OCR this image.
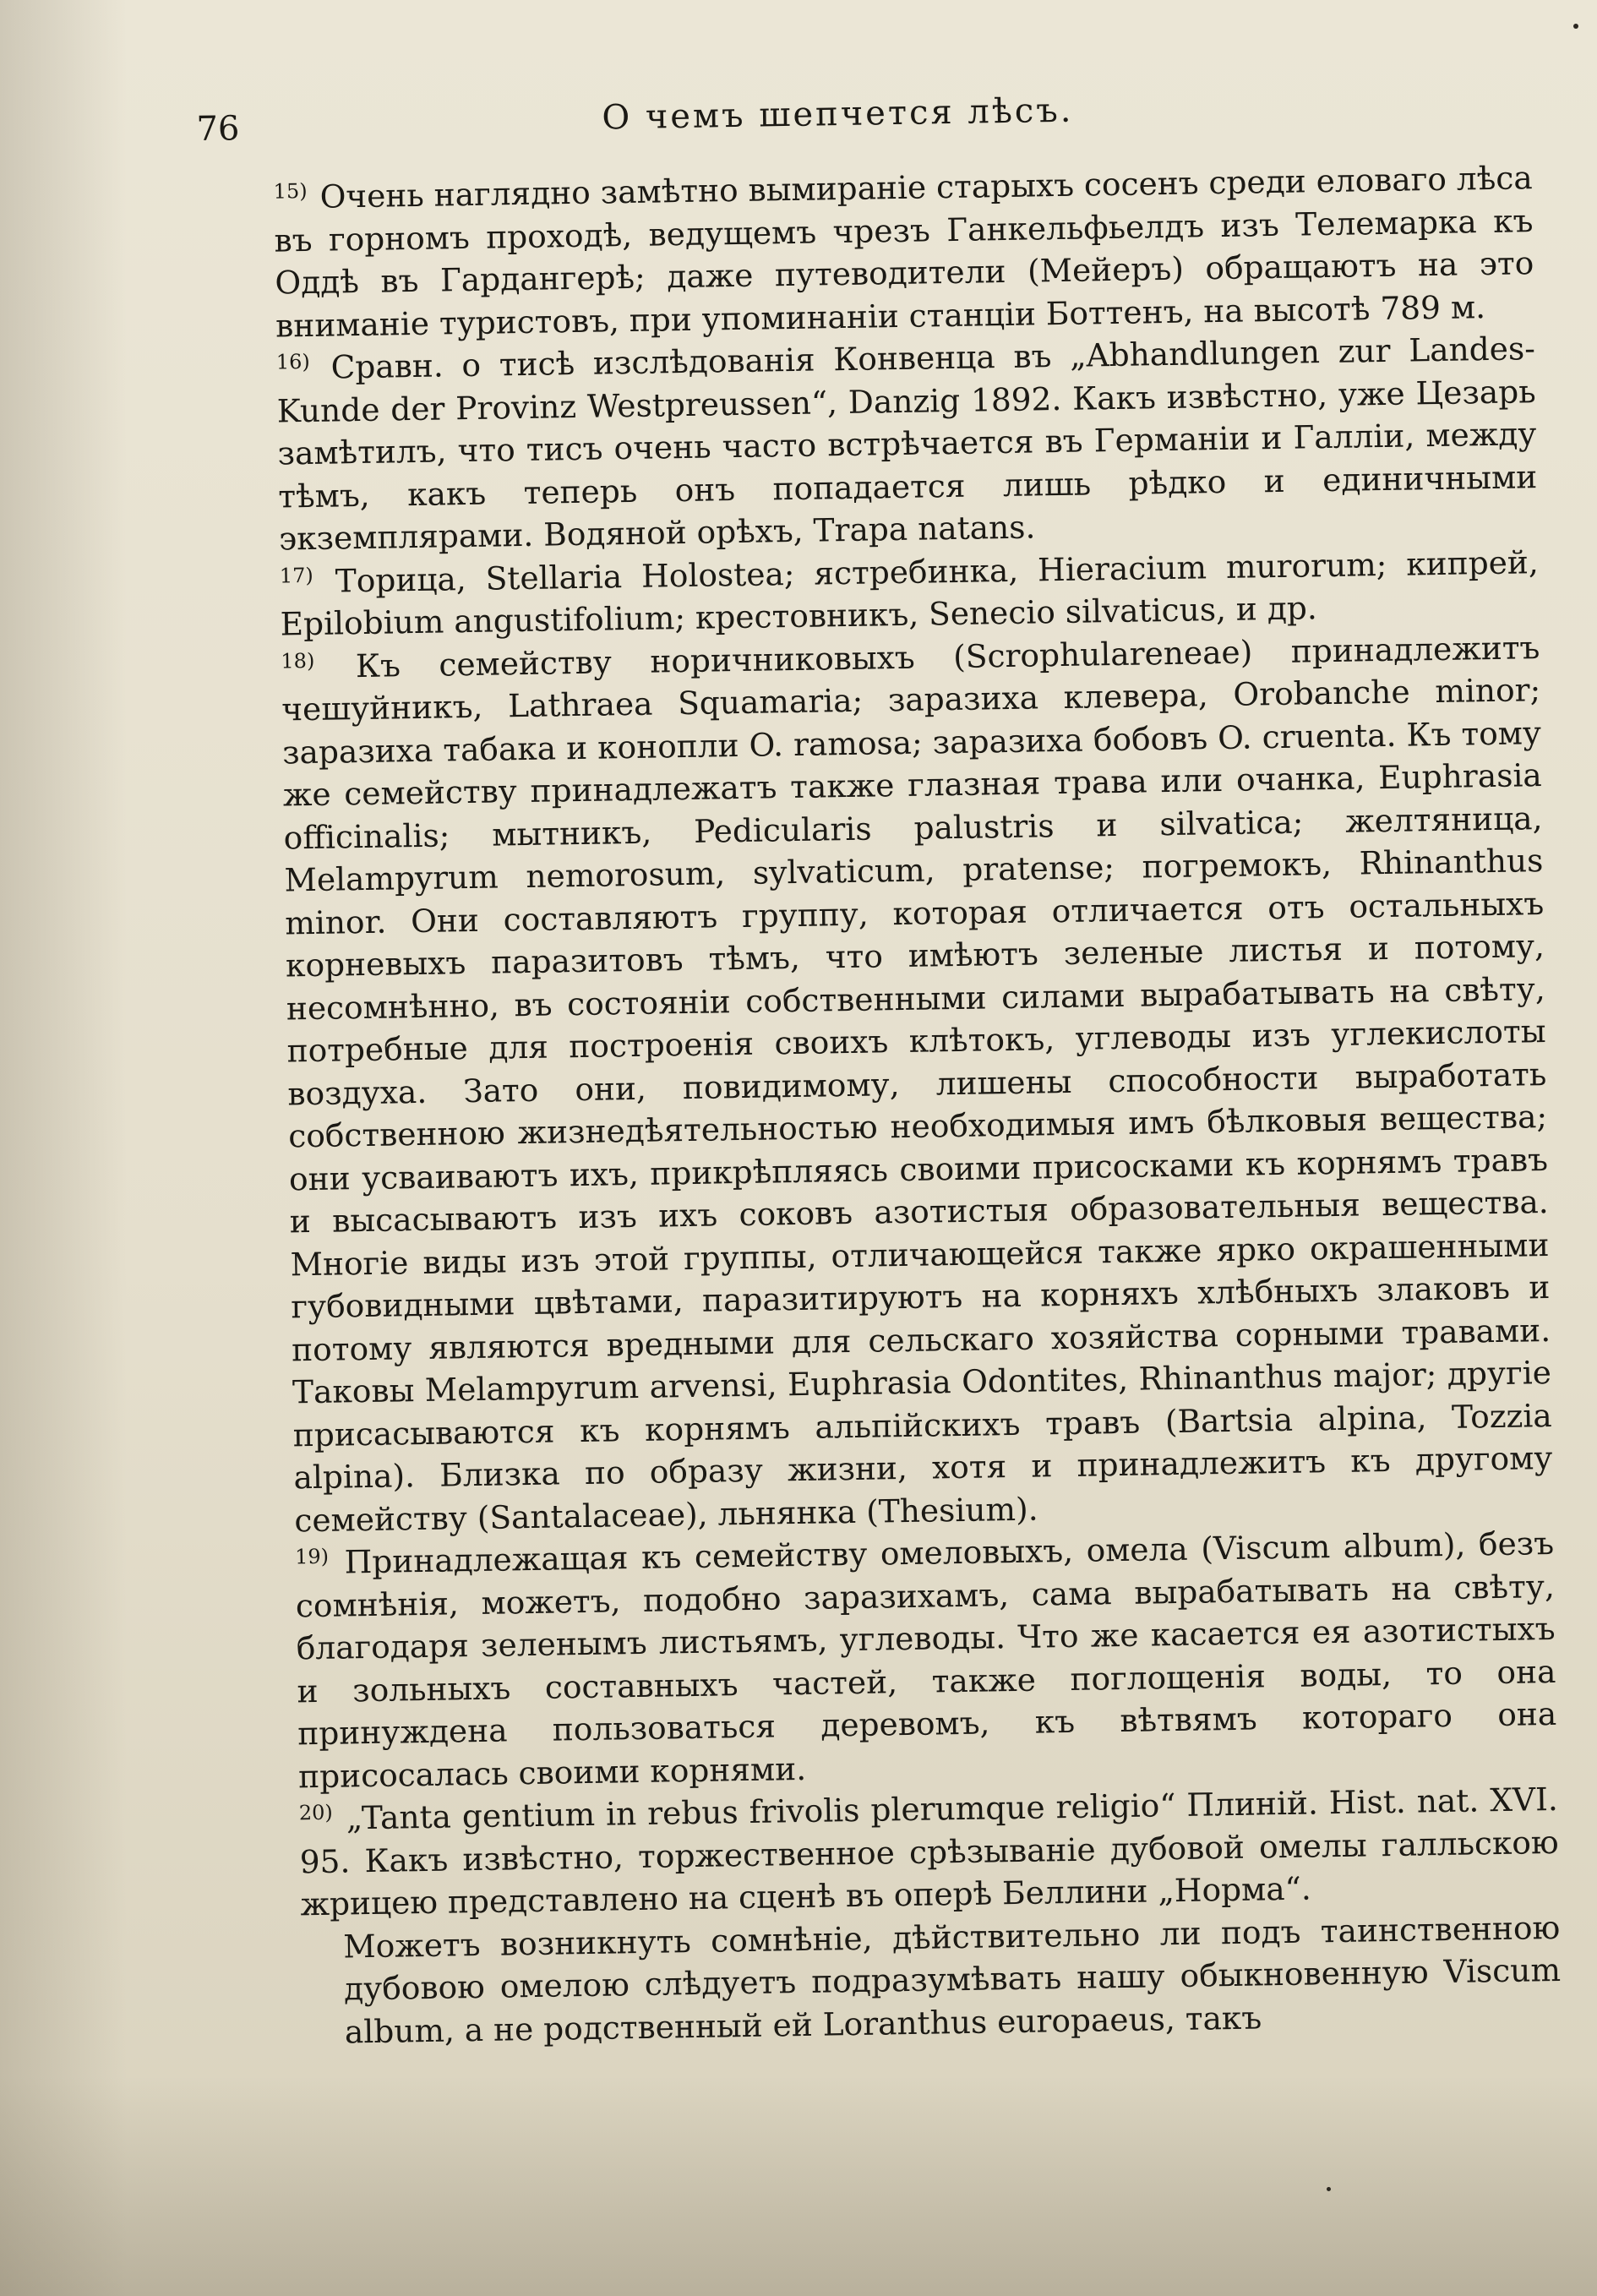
76	О чемъ шепчется лѣсъ.

$^{15)}$ Очень наглядно замѣтно вымираніе старыхъ сосенъ среди еловаго лѣса въ горномъ проходѣ, ведущемъ чрезъ Ганкельфьелдъ изъ Телемарка къ Оддѣ въ Гардангерѣ; даже путеводители (Мейеръ) обращаютъ на это вниманіе туристовъ, при упоминаніи станціи Боттенъ, на высотѣ 789 м.

$^{16)}$ Сравн. о тисѣ изслѣдованія Конвенца въ „Abhandlungen zur Landes-Kunde der Provinz Westpreussen“, Danzig 1892. Какъ извѣстно, уже Цезарь замѣтилъ, что тисъ очень часто встрѣчается въ Германіи и Галліи, между тѣмъ, какъ теперь онъ попадается лишь рѣдко и единичными экземплярами. Водяной орѣхъ, Trapa natans.

$^{17)}$ Торица, Stellaria Holostea; ястребинка, Hieracium murorum; кипрей, Epilobium angustifolium; крестовникъ, Senecio silvaticus, и др.

$^{18)}$ Къ семейству норичниковыхъ (Scrophulareneae) принадлежитъ чешуйникъ, Lathraea Squamaria; заразиха клевера, Orobanche minor; заразиха табака и конопли O. ramosa; заразиха бобовъ O. cruenta. Къ тому же семейству принадлежатъ также глазная трава или очанка, Euphrasia officinalis; мытникъ, Pedicularis palustris и silvatica; желтяница, Melampyrum nemorosum, sylvaticum, pratense; погремокъ, Rhinanthus minor. Они составляютъ группу, которая отличается отъ остальныхъ корневыхъ паразитовъ тѣмъ, что имѣютъ зеленые листья и потому, несомнѣнно, въ состояніи собственными силами вырабатывать на свѣту, потребные для построенія своихъ клѣтокъ, углеводы изъ углекислоты воздуха. Зато они, повидимому, лишены способности выработать собственною жизнедѣятельностью необходимыя имъ бѣлковыя вещества; они усваиваютъ ихъ, прикрѣпляясь своими присосками къ корнямъ травъ и высасываютъ изъ ихъ соковъ азотистыя образовательныя вещества. Многіе виды изъ этой группы, отличающейся также ярко окрашенными губовидными цвѣтами, паразитируютъ на корняхъ хлѣбныхъ злаковъ и потому являются вредными для сельскаго хозяйства сорными травами. Таковы Melampyrum arvensi, Euphrasia Odontites, Rhinanthus major; другіе присасываются къ корнямъ альпійскихъ травъ (Bartsia alpina, Tozzia alpina). Близка по образу жизни, хотя и принадлежитъ къ другому семейству (Santalaceae), льнянка (Thesium).

$^{19)}$ Принадлежащая къ семейству омеловыхъ, омела (Viscum album), безъ сомнѣнія, можетъ, подобно заразихамъ, сама вырабатывать на свѣту, благодаря зеленымъ листьямъ, углеводы. Что же касается ея азотистыхъ и зольныхъ составныхъ частей, также поглощенія воды, то она принуждена пользоваться деревомъ, къ вѣтвямъ котораго она присосалась своими корнями.

$^{20)}$ „Tanta gentium in rebus frivolis plerumque religio“ Плиній. Hist. nat. XVI. 95. Какъ извѣстно, торжественное срѣзываніе дубовой омелы галльскою жрицею представлено на сценѣ въ оперѣ Беллини „Норма“.

Можетъ возникнуть сомнѣніе, дѣйствительно ли подъ таинственною дубовою омелою слѣдуетъ подразумѣвать нашу обыкновенную Viscum album, а не родственный ей Loranthus europaeus, такъ
